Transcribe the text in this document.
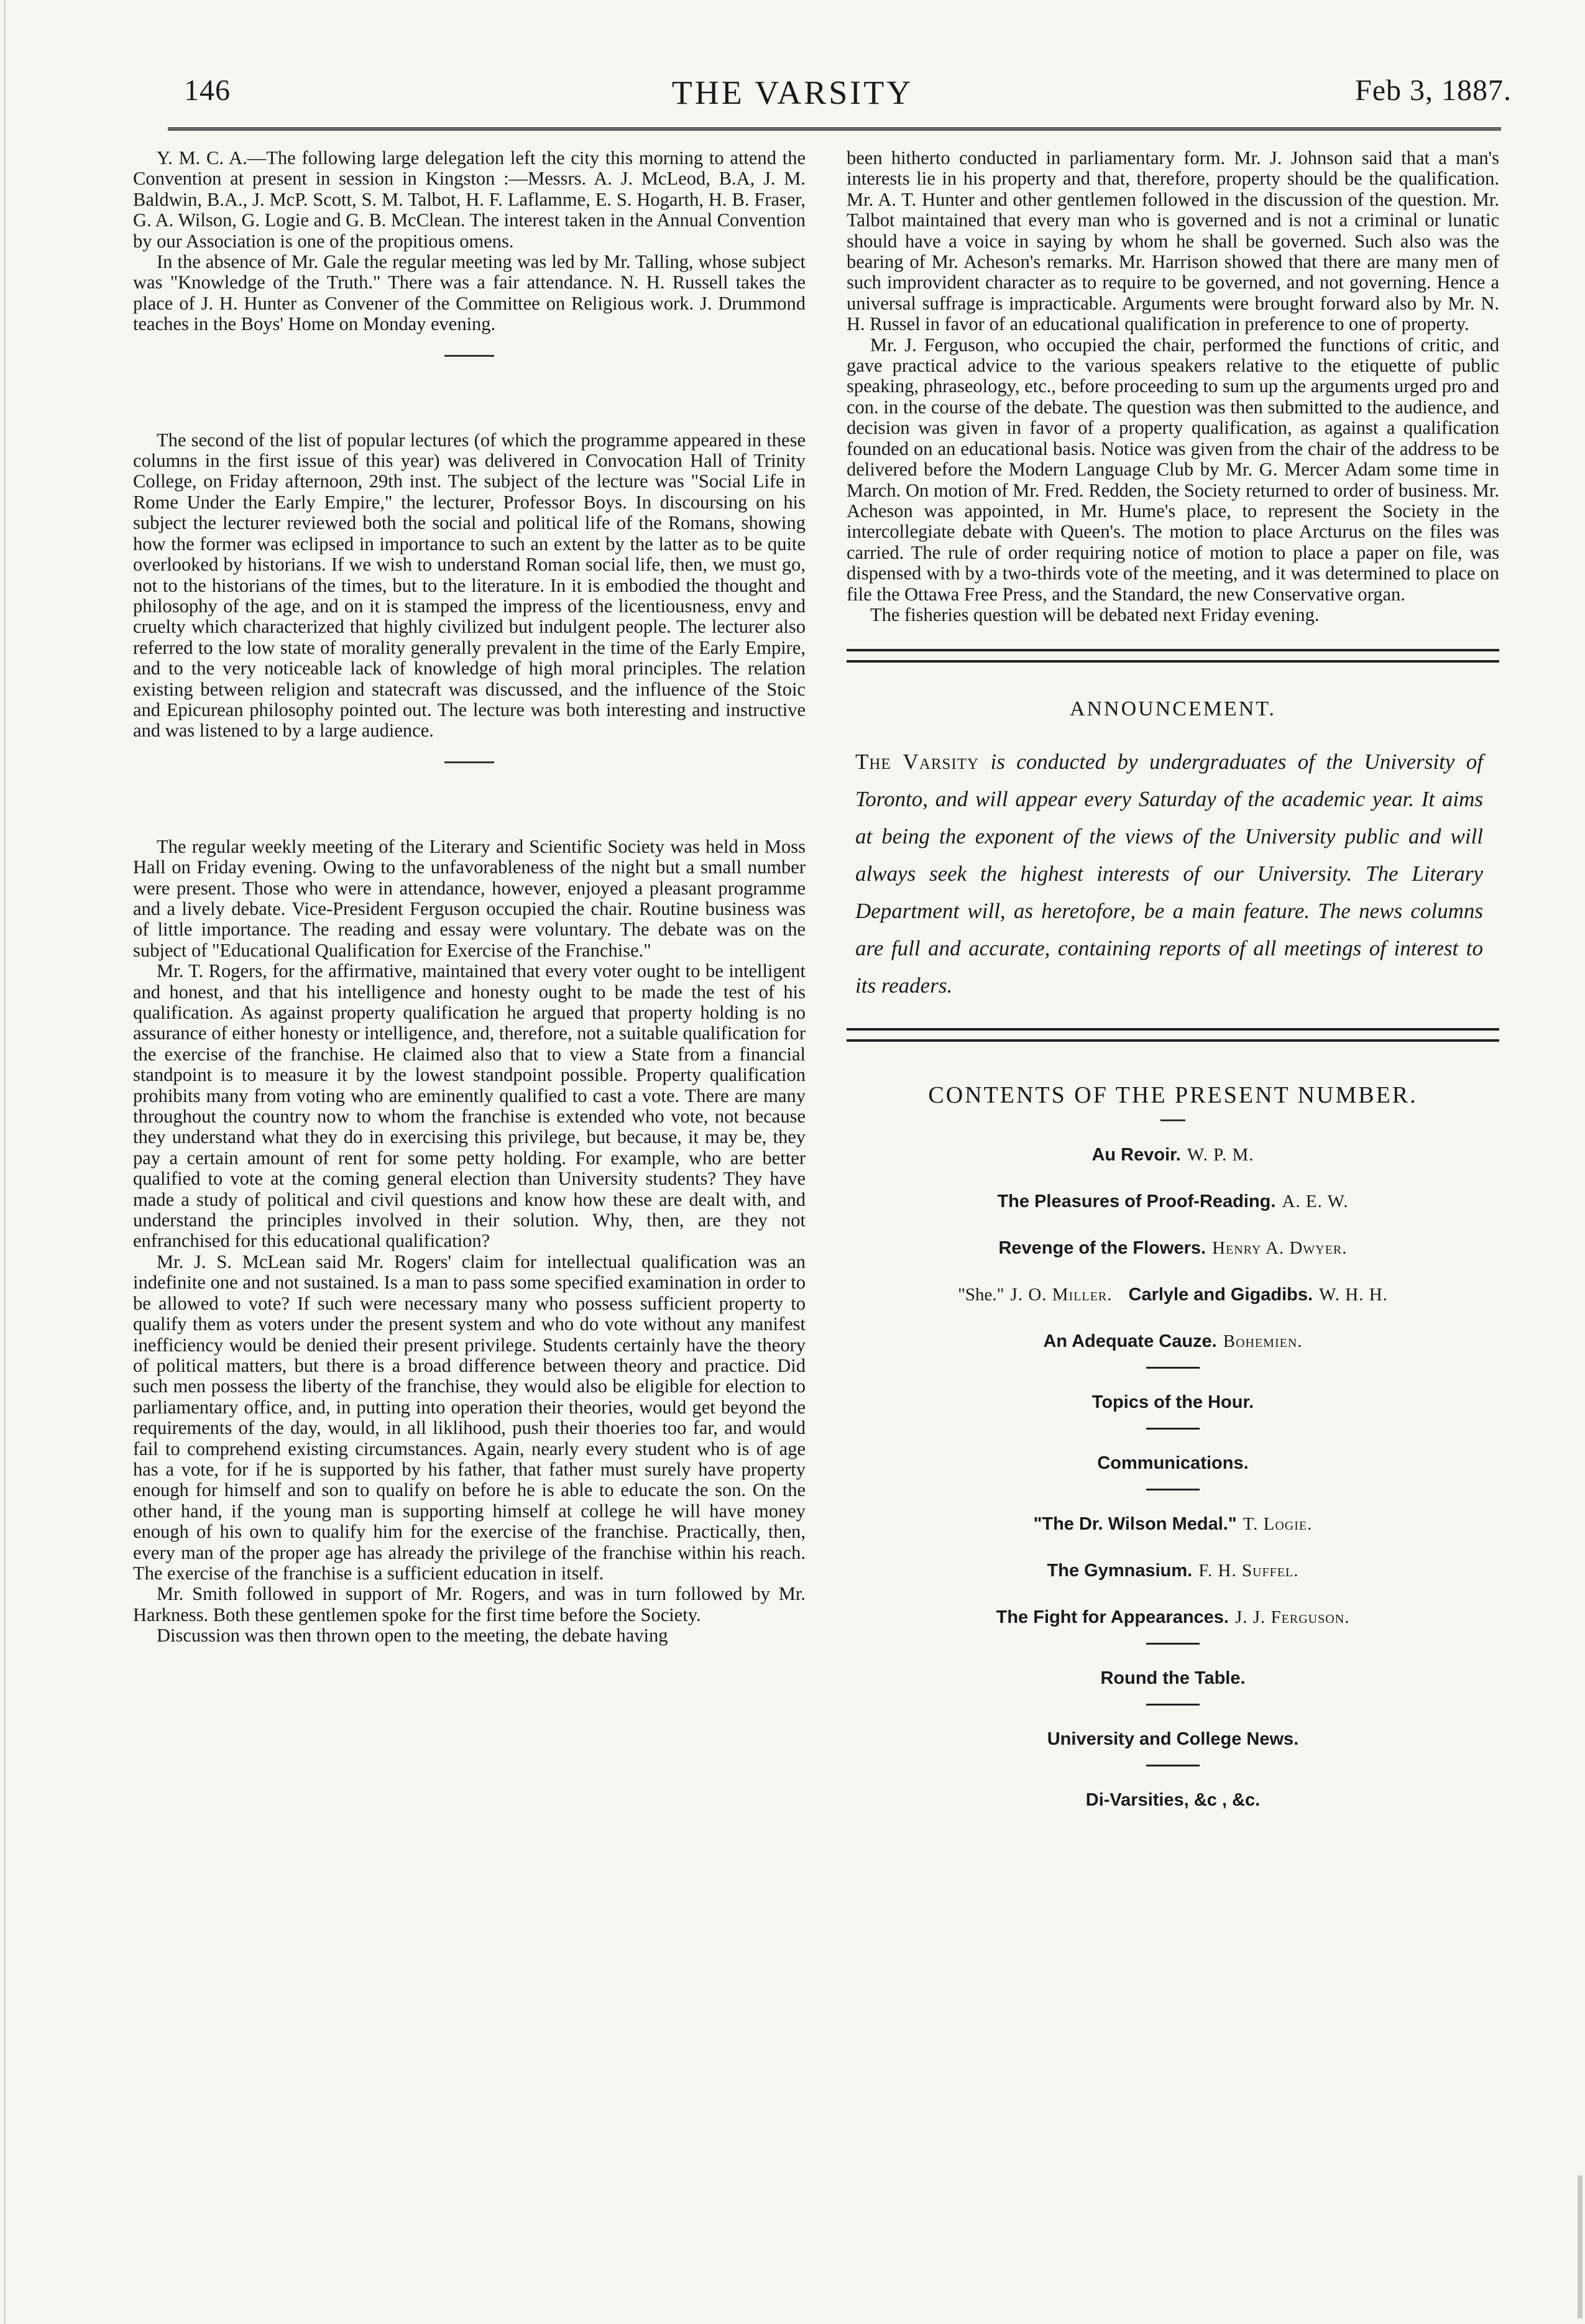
146	THE VARSITY	Feb 3, 1887.

Y. M. C. A.—The following large delegation left the city this morning to attend the Convention at present in session in Kingston :—Messrs. A. J. McLeod, B.A, J. M. Baldwin, B.A., J. McP. Scott, S. M. Talbot, H. F. Laflamme, E. S. Hogarth, H. B. Fraser, G. A. Wilson, G. Logie and G. B. McClean. The interest taken in the Annual Convention by our Association is one of the propitious omens.

In the absence of Mr. Gale the regular meeting was led by Mr. Talling, whose subject was "Knowledge of the Truth." There was a fair attendance. N. H. Russell takes the place of J. H. Hunter as Convener of the Committee on Religious work. J. Drummond teaches in the Boys' Home on Monday evening.

The second of the list of popular lectures (of which the programme appeared in these columns in the first issue of this year) was delivered in Convocation Hall of Trinity College, on Friday afternoon, 29th inst. The subject of the lecture was "Social Life in Rome Under the Early Empire," the lecturer, Professor Boys. In discoursing on his subject the lecturer reviewed both the social and political life of the Romans, showing how the former was eclipsed in importance to such an extent by the latter as to be quite overlooked by historians. If we wish to understand Roman social life, then, we must go, not to the historians of the times, but to the literature. In it is embodied the thought and philosophy of the age, and on it is stamped the impress of the licentiousness, envy and cruelty which characterized that highly civilized but indulgent people. The lecturer also referred to the low state of morality generally prevalent in the time of the Early Empire, and to the very noticeable lack of knowledge of high moral principles. The relation existing between religion and statecraft was discussed, and the influence of the Stoic and Epicurean philosophy pointed out. The lecture was both interesting and instructive and was listened to by a large audience.

The regular weekly meeting of the Literary and Scientific Society was held in Moss Hall on Friday evening. Owing to the unfavorableness of the night but a small number were present. Those who were in attendance, however, enjoyed a pleasant programme and a lively debate. Vice-President Ferguson occupied the chair. Routine business was of little importance. The reading and essay were voluntary. The debate was on the subject of "Educational Qualification for Exercise of the Franchise."

Mr. T. Rogers, for the affirmative, maintained that every voter ought to be intelligent and honest, and that his intelligence and honesty ought to be made the test of his qualification. As against property qualification he argued that property holding is no assurance of either honesty or intelligence, and, therefore, not a suitable qualification for the exercise of the franchise. He claimed also that to view a State from a financial standpoint is to measure it by the lowest standpoint possible. Property qualification prohibits many from voting who are eminently qualified to cast a vote. There are many throughout the country now to whom the franchise is extended who vote, not because they understand what they do in exercising this privilege, but because, it may be, they pay a certain amount of rent for some petty holding. For example, who are better qualified to vote at the coming general election than University students? They have made a study of political and civil questions and know how these are dealt with, and understand the principles involved in their solution. Why, then, are they not enfranchised for this educational qualification?

Mr. J. S. McLean said Mr. Rogers' claim for intellectual qualification was an indefinite one and not sustained. Is a man to pass some specified examination in order to be allowed to vote? If such were necessary many who possess sufficient property to qualify them as voters under the present system and who do vote without any manifest inefficiency would be denied their present privilege. Students certainly have the theory of political matters, but there is a broad difference between theory and practice. Did such men possess the liberty of the franchise, they would also be eligible for election to parliamentary office, and, in putting into operation their theories, would get beyond the requirements of the day, would, in all liklihood, push their thoeries too far, and would fail to comprehend existing circumstances. Again, nearly every student who is of age has a vote, for if he is supported by his father, that father must surely have property enough for himself and son to qualify on before he is able to educate the son. On the other hand, if the young man is supporting himself at college he will have money enough of his own to qualify him for the exercise of the franchise. Practically, then, every man of the proper age has already the privilege of the franchise within his reach. The exercise of the franchise is a sufficient education in itself.

Mr. Smith followed in support of Mr. Rogers, and was in turn followed by Mr. Harkness. Both these gentlemen spoke for the first time before the Society.

Discussion was then thrown open to the meeting, the debate having

been hitherto conducted in parliamentary form. Mr. J. Johnson said that a man's interests lie in his property and that, therefore, property should be the qualification. Mr. A. T. Hunter and other gentlemen followed in the discussion of the question. Mr. Talbot maintained that every man who is governed and is not a criminal or lunatic should have a voice in saying by whom he shall be governed. Such also was the bearing of Mr. Acheson's remarks. Mr. Harrison showed that there are many men of such improvident character as to require to be governed, and not governing. Hence a universal suffrage is impracticable. Arguments were brought forward also by Mr. N. H. Russel in favor of an educational qualification in preference to one of property.

Mr. J. Ferguson, who occupied the chair, performed the functions of critic, and gave practical advice to the various speakers relative to the etiquette of public speaking, phraseology, etc., before proceeding to sum up the arguments urged pro and con. in the course of the debate. The question was then submitted to the audience, and decision was given in favor of a property qualification, as against a qualification founded on an educational basis. Notice was given from the chair of the address to be delivered before the Modern Language Club by Mr. G. Mercer Adam some time in March. On motion of Mr. Fred. Redden, the Society returned to order of business. Mr. Acheson was appointed, in Mr. Hume's place, to represent the Society in the intercollegiate debate with Queen's. The motion to place Arcturus on the files was carried. The rule of order requiring notice of motion to place a paper on file, was dispensed with by a two-thirds vote of the meeting, and it was determined to place on file the Ottawa Free Press, and the Standard, the new Conservative organ.

The fisheries question will be debated next Friday evening.

ANNOUNCEMENT.
The Varsity is conducted by undergraduates of the University of Toronto, and will appear every Saturday of the academic year. It aims at being the exponent of the views of the University public and will always seek the highest interests of our University. The Literary Department will, as heretofore, be a main feature. The news columns are full and accurate, containing reports of all meetings of interest to its readers.
CONTENTS OF THE PRESENT NUMBER.
Au Revoir. W. P. M.
The Pleasures of Proof-Reading. A. E. W.
Revenge of the Flowers. Henry A. Dwyer.
"She." J. O. Miller. Carlyle and Gigadibs. W. H. H.
An Adequate Cauze. Bohemien.
Topics of the Hour.
Communications.
"The Dr. Wilson Medal." T. Logie.
The Gymnasium. F. H. Suffel.
The Fight for Appearances. J. J. Ferguson.
Round the Table.
University and College News.
Di-Varsities, &c , &c.
